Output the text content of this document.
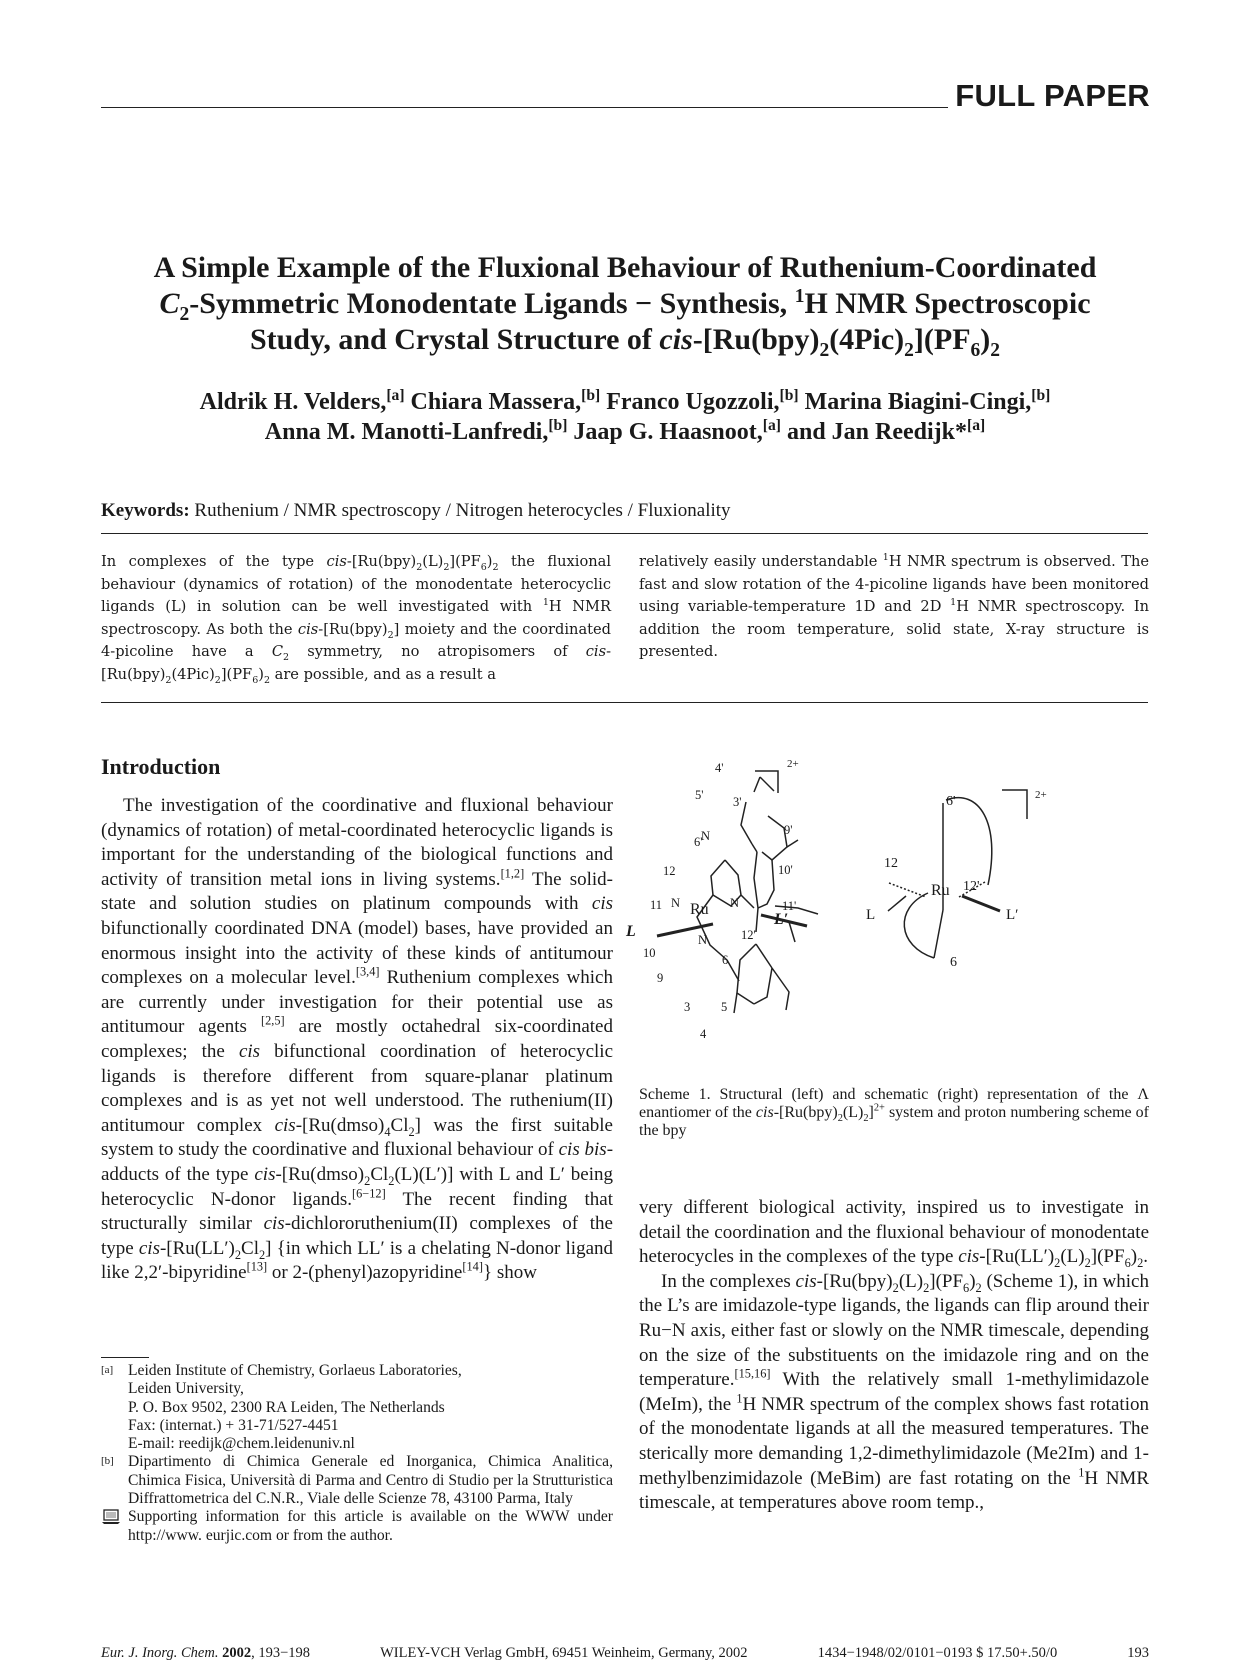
FULL PAPER
A Simple Example of the Fluxional Behaviour of Ruthenium-Coordinated
$C_2$-Symmetric Monodentate Ligands − Synthesis, $^1$H NMR Spectroscopic
Study, and Crystal Structure of cis-$[Ru(bpy)_2(4Pic)_2](PF_6)_2$
Aldrik H. Velders,[a] Chiara Massera,[b] Franco Ugozzoli,[b] Marina Biagini-Cingi,[b]
Anna M. Manotti-Lanfredi,[b] Jaap G. Haasnoot,[a] and Jan Reedijk*[a]
Keywords: Ruthenium / NMR spectroscopy / Nitrogen heterocycles / Fluxionality
In complexes of the type cis-$[Ru(bpy)_2(L)_2](PF_6)_2$ the fluxional behaviour (dynamics of rotation) of the monodentate heterocyclic ligands (L) in solution can be well investigated with $^1$H NMR spectroscopy. As both the cis-$[Ru(bpy)_2]$ moiety and the coordinated 4-picoline have a $C_2$ symmetry, no atropisomers of cis-$[Ru(bpy)_2(4Pic)_2](PF_6)_2$ are possible, and as a result a
relatively easily understandable $^1$H NMR spectrum is observed. The fast and slow rotation of the 4-picoline ligands have been monitored using variable-temperature 1D and 2D $^1$H NMR spectroscopy. In addition the room temperature, solid state, X-ray structure is presented.
Introduction

The investigation of the coordinative and fluxional behaviour (dynamics of rotation) of metal-coordinated heterocyclic ligands is important for the understanding of the biological functions and activity of transition metal ions in living systems.[1,2] The solid-state and solution studies on platinum compounds with cis bifunctionally coordinated DNA (model) bases, have provided an enormous insight into the activity of these kinds of antitumour complexes on a molecular level.[3,4] Ruthenium complexes which are currently under investigation for their potential use as antitumour agents [2,5] are mostly octahedral six-coordinated complexes; the cis bifunctional coordination of heterocyclic ligands is therefore different from square-planar platinum complexes and is as yet not well understood. The ruthenium(II) antitumour complex cis-$[Ru(dmso)_4Cl_2]$ was the first suitable system to study the coordinative and fluxional behaviour of cis bis-adducts of the type cis-$[Ru(dmso)_2Cl_2(L)(L')]$ with L and L′ being heterocyclic N-donor ligands.[6−12] The recent finding that structurally similar cis-dichlororuthenium(II) complexes of the type cis-$[Ru(LL')_2Cl_2]$ {in which LL′ is a chelating N-donor ligand like 2,2′-bipyridine[13] or 2-(phenyl)azopyridine[14]} show

4'
5' 3'
6'
9'
10'
12
11	11'
12'
10
9
6
3 5
4
N
N	N
N
Ru
L
L′
2+
6'
12
12'
6
Ru
L	L′
2+
Scheme 1. Structural (left) and schematic (right) representation of the Λ enantiomer of the cis-$[Ru(bpy)_2(L)_2]^{2+}$ system and proton numbering scheme of the bpy

very different biological activity, inspired us to investigate in detail the coordination and the fluxional behaviour of monodentate heterocycles in the complexes of the type cis-$[Ru(LL')_2(L)_2](PF_6)_2$.

In the complexes cis-$[Ru(bpy)_2(L)_2](PF_6)_2$ (Scheme 1), in which the L’s are imidazole-type ligands, the ligands can flip around their Ru−N axis, either fast or slowly on the NMR timescale, depending on the size of the substituents on the imidazole ring and on the temperature.[15,16] With the relatively small 1-methylimidazole (MeIm), the $^1$H NMR spectrum of the complex shows fast rotation of the monodentate ligands at all the measured temperatures. The sterically more demanding 1,2-dimethylimidazole (Me2Im) and 1-methylbenzimidazole (MeBim) are fast rotating on the $^1$H NMR timescale, at temperatures above room temp.,

[a] Leiden Institute of Chemistry, Gorlaeus Laboratories,
Leiden University,
P. O. Box 9502, 2300 RA Leiden, The Netherlands
Fax: (internat.) + 31-71/527-4451
E-mail: reedijk@chem.leidenuniv.nl
[b] Dipartimento di Chimica Generale ed Inorganica, Chimica Analitica, Chimica Fisica, Università di Parma and Centro di Studio per la Strutturistica Diffrattometrica del C.N.R., Viale delle Scienze 78, 43100 Parma, Italy
Supporting information for this article is available on the WWW under http://www. eurjic.com or from the author.
Eur. J. Inorg. Chem. 2002, 193−198	WILEY-VCH Verlag GmbH, 69451 Weinheim, Germany, 2002	1434−1948/02/0101−0193 $ 17.50+.50/0	193
